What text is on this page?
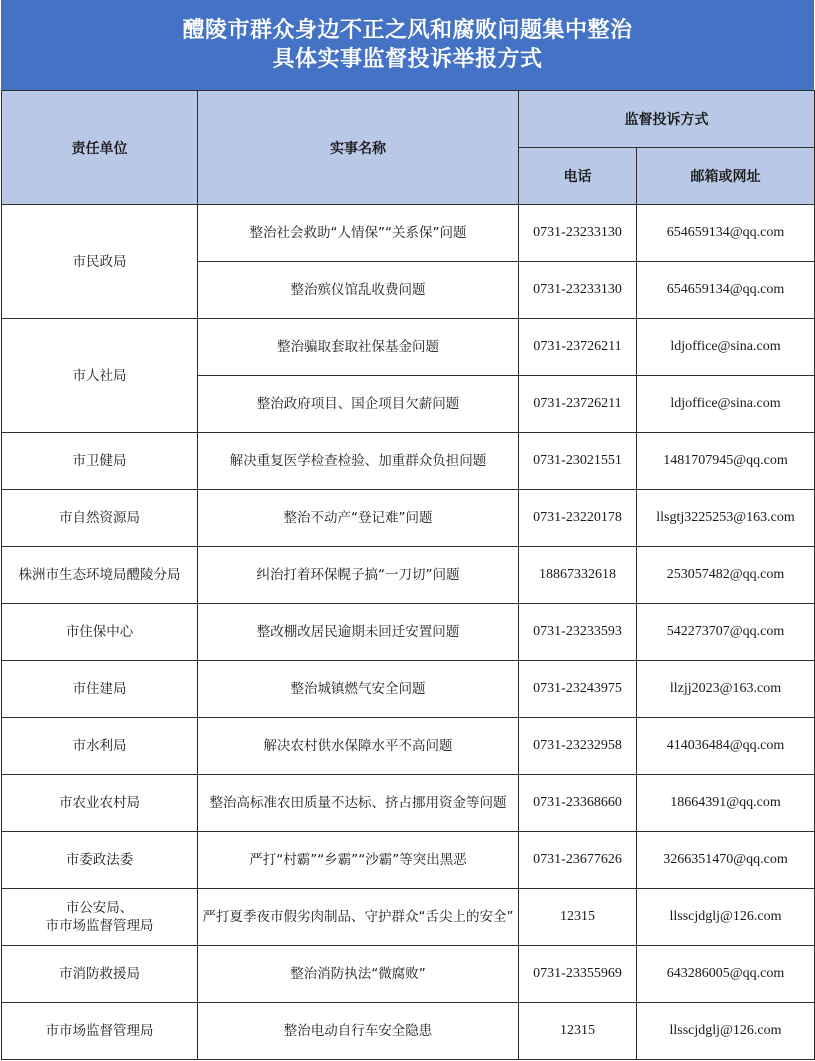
醴陵市群众身边不正之风和腐败问题集中整治
具体实事监督投诉举报方式
责任单位	实事名称	监督投诉方式	
		电话	邮箱或网址

市民政局	整治社会救助“人情保”“关系保”问题	0731-23233130	654659134@qq.com
	整治殡仪馆乱收费问题	0731-23233130	654659134@qq.com

市人社局	整治骗取套取社保基金问题	0731-23726211	ldjoffice@sina.com
	整治政府项目、国企项目欠薪问题	0731-23726211	ldjoffice@sina.com

市卫健局	解决重复医学检查检验、加重群众负担问题	0731-23021551	1481707945@qq.com

市自然资源局	整治不动产“登记难”问题	0731-23220178	llsgtj3225253@163.com

株洲市生态环境局醴陵分局	纠治打着环保幌子搞“一刀切”问题	18867332618	253057482@qq.com

市住保中心	整改棚改居民逾期未回迁安置问题	0731-23233593	542273707@qq.com

市住建局	整治城镇燃气安全问题	0731-23243975	llzjj2023@163.com

市水利局	解决农村供水保障水平不高问题	0731-23232958	414036484@qq.com

市农业农村局	整治高标准农田质量不达标、挤占挪用资金等问题	0731-23368660	18664391@qq.com

市委政法委	严打“村霸”“乡霸”“沙霸”等突出黑恶	0731-23677626	3266351470@qq.com

市公安局、
市市场监督管理局	严打夏季夜市假劣肉制品、守护群众“舌尖上的安全”	12315	llsscjdglj@126.com

市消防救援局	整治消防执法“微腐败”	0731-23355969	643286005@qq.com

市市场监督管理局	整治电动自行车安全隐患	12315	llsscjdglj@126.com
